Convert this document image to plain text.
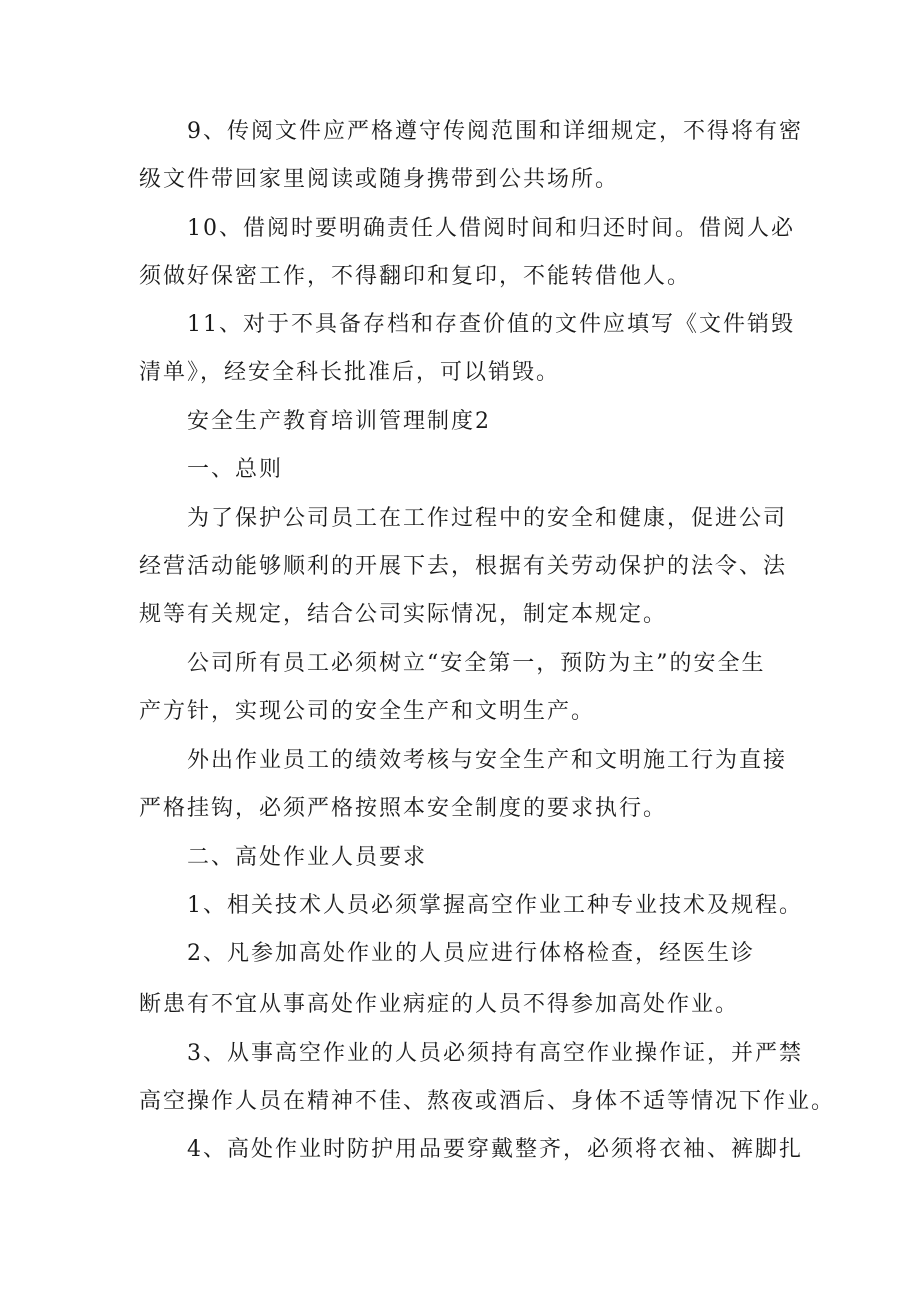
9、传阅文件应严格遵守传阅范围和详细规定，不得将有密
级文件带回家里阅读或随身携带到公共场所。

10、借阅时要明确责任人借阅时间和归还时间。借阅人必
须做好保密工作，不得翻印和复印，不能转借他人。

11、对于不具备存档和存查价值的文件应填写《文件销毁
清单》，经安全科长批准后，可以销毁。

安全生产教育培训管理制度2

一、总则

为了保护公司员工在工作过程中的安全和健康，促进公司
经营活动能够顺利的开展下去，根据有关劳动保护的法令、法
规等有关规定，结合公司实际情况，制定本规定。

公司所有员工必须树立“安全第一，预防为主”的安全生
产方针，实现公司的安全生产和文明生产。

外出作业员工的绩效考核与安全生产和文明施工行为直接
严格挂钩，必须严格按照本安全制度的要求执行。

二、高处作业人员要求

1、相关技术人员必须掌握高空作业工种专业技术及规程。

2、凡参加高处作业的人员应进行体格检查，经医生诊

断患有不宜从事高处作业病症的人员不得参加高处作业。

3、从事高空作业的人员必须持有高空作业操作证，并严禁
高空操作人员在精神不佳、熬夜或酒后、身体不适等情况下作业。

4、高处作业时防护用品要穿戴整齐，必须将衣袖、裤脚扎
